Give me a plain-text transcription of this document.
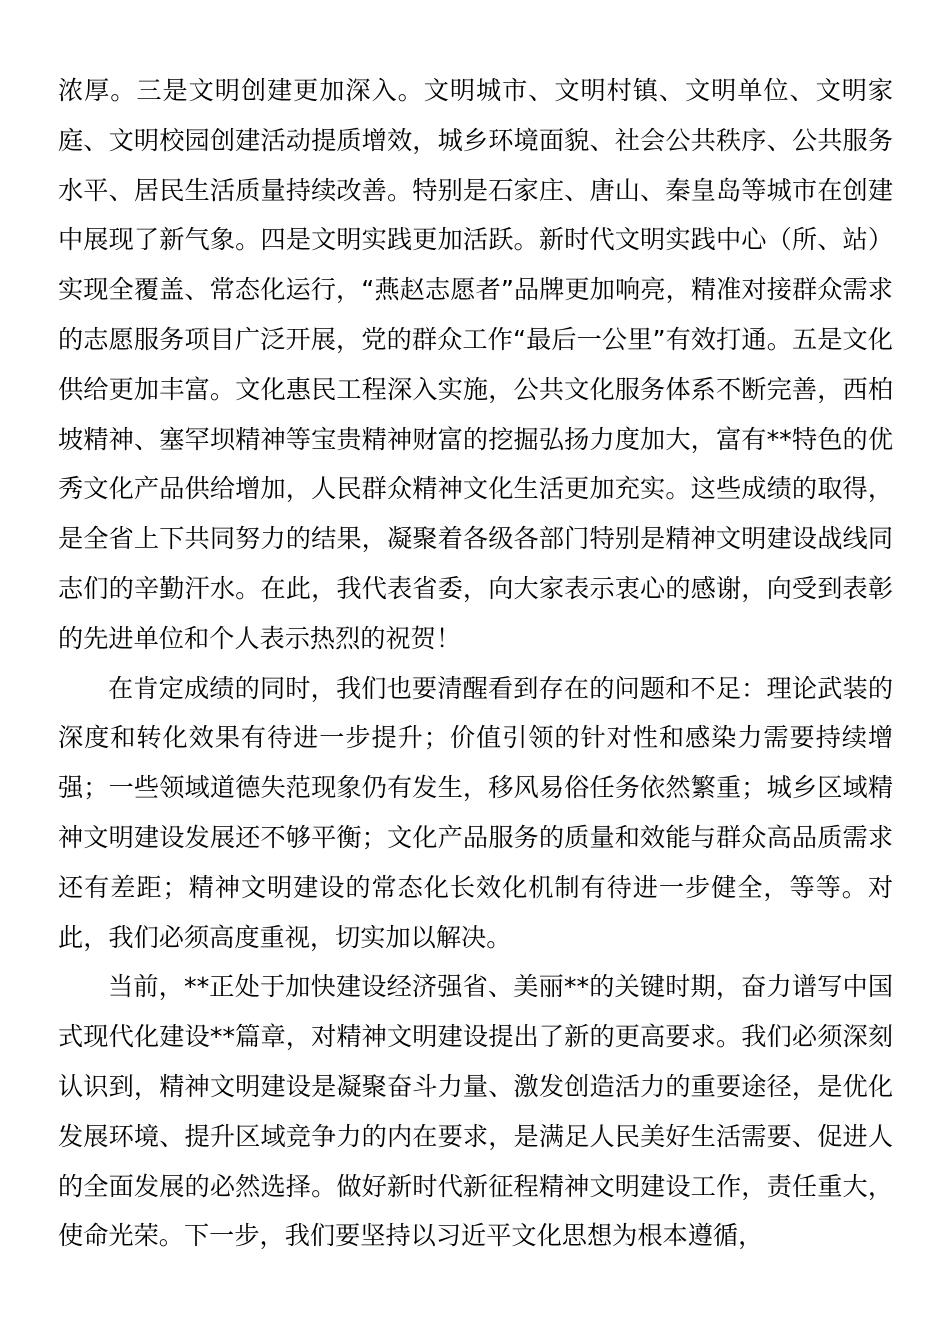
浓厚。三是文明创建更加深入。文明城市、文明村镇、文明单位、文明家庭、文明校园创建活动提质增效，城乡环境面貌、社会公共秩序、公共服务水平、居民生活质量持续改善。特别是石家庄、唐山、秦皇岛等城市在创建中展现了新气象。四是文明实践更加活跃。新时代文明实践中心（所、站）实现全覆盖、常态化运行，“燕赵志愿者”品牌更加响亮，精准对接群众需求的志愿服务项目广泛开展，党的群众工作“最后一公里”有效打通。五是文化供给更加丰富。文化惠民工程深入实施，公共文化服务体系不断完善，西柏坡精神、塞罕坝精神等宝贵精神财富的挖掘弘扬力度加大，富有**特色的优秀文化产品供给增加，人民群众精神文化生活更加充实。这些成绩的取得，是全省上下共同努力的结果，凝聚着各级各部门特别是精神文明建设战线同志们的辛勤汗水。在此，我代表省委，向大家表示衷心的感谢，向受到表彰的先进单位和个人表示热烈的祝贺！

在肯定成绩的同时，我们也要清醒看到存在的问题和不足：理论武装的深度和转化效果有待进一步提升；价值引领的针对性和感染力需要持续增强；一些领域道德失范现象仍有发生，移风易俗任务依然繁重；城乡区域精神文明建设发展还不够平衡；文化产品服务的质量和效能与群众高品质需求还有差距；精神文明建设的常态化长效化机制有待进一步健全，等等。对此，我们必须高度重视，切实加以解决。

当前，**正处于加快建设经济强省、美丽**的关键时期，奋力谱写中国式现代化建设**篇章，对精神文明建设提出了新的更高要求。我们必须深刻认识到，精神文明建设是凝聚奋斗力量、激发创造活力的重要途径，是优化发展环境、提升区域竞争力的内在要求，是满足人民美好生活需要、促进人的全面发展的必然选择。做好新时代新征程精神文明建设工作，责任重大，使命光荣。下一步，我们要坚持以习近平文化思想为根本遵循，
